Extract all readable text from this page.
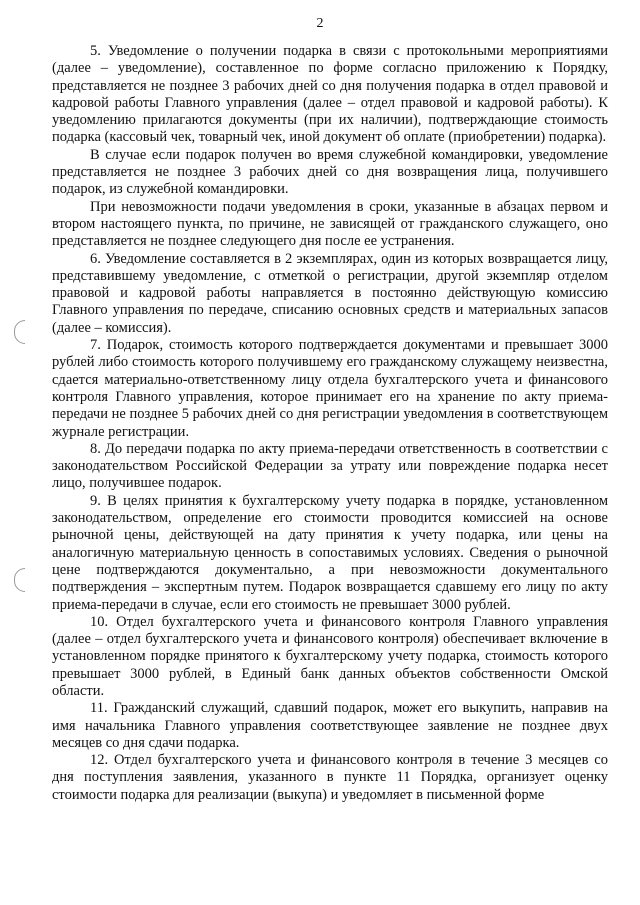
2

5. Уведомление о получении подарка в связи с протокольными мероприятиями (далее – уведомление), составленное по форме согласно приложению к Порядку, представляется не позднее 3 рабочих дней со дня получения подарка в отдел правовой и кадровой работы Главного управления (далее – отдел правовой и кадровой работы). К уведомлению прилагаются документы (при их наличии), подтверждающие стоимость подарка (кассовый чек, товарный чек, иной документ об оплате (приобретении) подарка).

В случае если подарок получен во время служебной командировки, уведомление представляется не позднее 3 рабочих дней со дня возвращения лица, получившего подарок, из служебной командировки.

При невозможности подачи уведомления в сроки, указанные в абзацах первом и втором настоящего пункта, по причине, не зависящей от гражданского служащего, оно представляется не позднее следующего дня после ее устранения.

6. Уведомление составляется в 2 экземплярах, один из которых возвращается лицу, представившему уведомление, с отметкой о регистрации, другой экземпляр отделом правовой и кадровой работы направляется в постоянно действующую комиссию Главного управления по передаче, списанию основных средств и материальных запасов (далее – комиссия).

7. Подарок, стоимость которого подтверждается документами и превышает 3000 рублей либо стоимость которого получившему его гражданскому служащему неизвестна, сдается материально-ответственному лицу отдела бухгалтерского учета и финансового контроля Главного управления, которое принимает его на хранение по акту приема-передачи не позднее 5 рабочих дней со дня регистрации уведомления в соответствующем журнале регистрации.

8. До передачи подарка по акту приема-передачи ответственность в соответствии с законодательством Российской Федерации за утрату или повреждение подарка несет лицо, получившее подарок.

9. В целях принятия к бухгалтерскому учету подарка в порядке, установленном законодательством, определение его стоимости проводится комиссией на основе рыночной цены, действующей на дату принятия к учету подарка, или цены на аналогичную материальную ценность в сопоставимых условиях. Сведения о рыночной цене подтверждаются документально, а при невозможности документального подтверждения – экспертным путем. Подарок возвращается сдавшему его лицу по акту приема-передачи в случае, если его стоимость не превышает 3000 рублей.

10. Отдел бухгалтерского учета и финансового контроля Главного управления (далее – отдел бухгалтерского учета и финансового контроля) обеспечивает включение в установленном порядке принятого к бухгалтерскому учету подарка, стоимость которого превышает 3000 рублей, в Единый банк данных объектов собственности Омской области.

11. Гражданский служащий, сдавший подарок, может его выкупить, направив на имя начальника Главного управления соответствующее заявление не позднее двух месяцев со дня сдачи подарка.

12. Отдел бухгалтерского учета и финансового контроля в течение 3 месяцев со дня поступления заявления, указанного в пункте 11 Порядка, организует оценку стоимости подарка для реализации (выкупа) и уведомляет в письменной форме
